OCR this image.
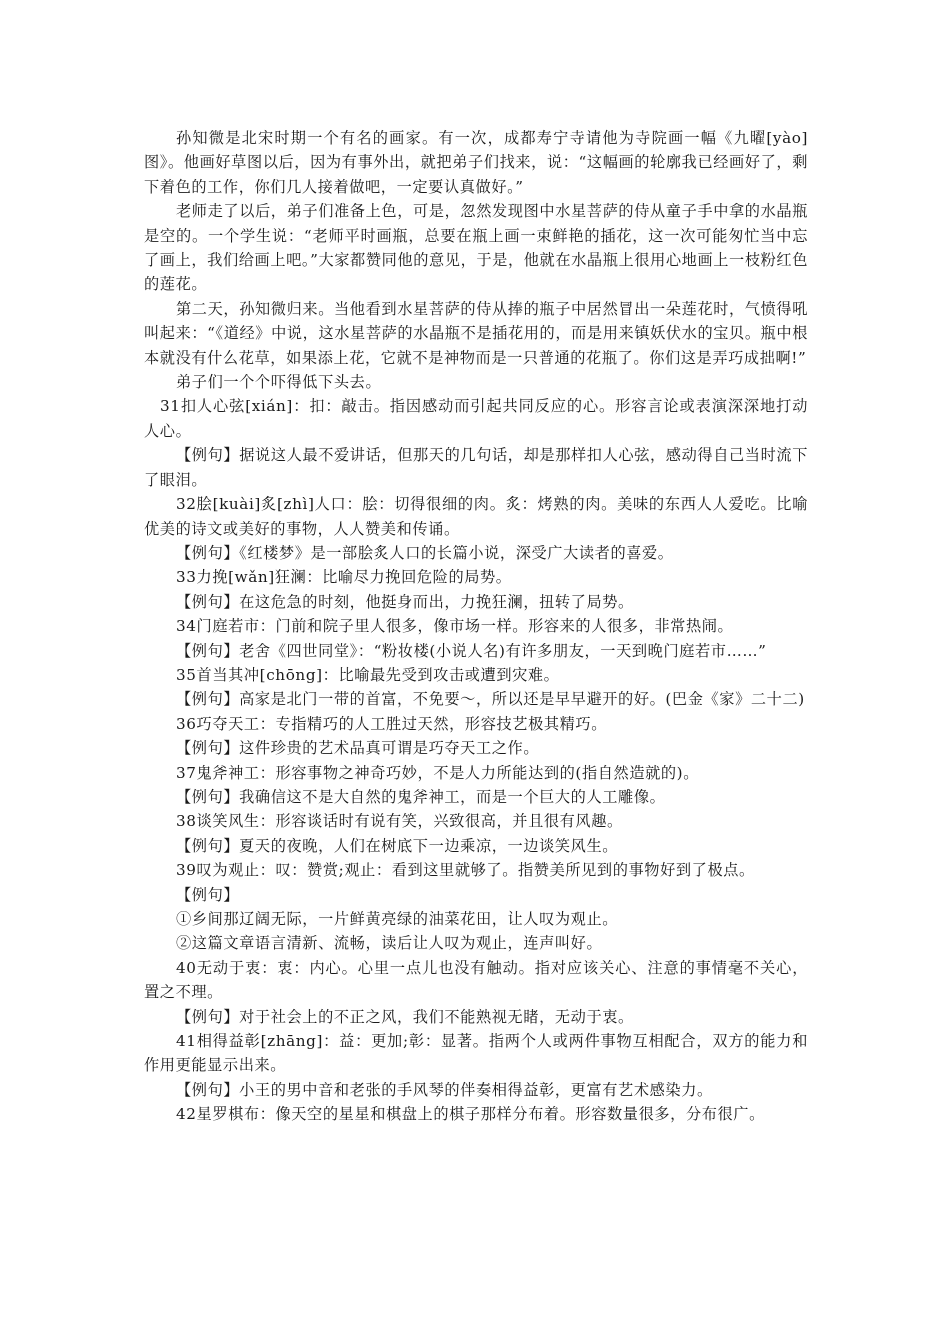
孙知微是北宋时期一个有名的画家。有一次，成都寿宁寺请他为寺院画一幅《九曜[yào]图》。他画好草图以后，因为有事外出，就把弟子们找来，说：“这幅画的轮廓我已经画好了，剩下着色的工作，你们几人接着做吧，一定要认真做好。”

老师走了以后，弟子们准备上色，可是，忽然发现图中水星菩萨的侍从童子手中拿的水晶瓶是空的。一个学生说：“老师平时画瓶，总要在瓶上画一束鲜艳的插花，这一次可能匆忙当中忘了画上，我们给画上吧。”大家都赞同他的意见，于是，他就在水晶瓶上很用心地画上一枝粉红色的莲花。

第二天，孙知微归来。当他看到水星菩萨的侍从捧的瓶子中居然冒出一朵莲花时，气愤得吼叫起来：“《道经》中说，这水星菩萨的水晶瓶不是插花用的，而是用来镇妖伏水的宝贝。瓶中根本就没有什么花草，如果添上花，它就不是神物而是一只普通的花瓶了。你们这是弄巧成拙啊!”

弟子们一个个吓得低下头去。

31扣人心弦[xián]：扣：敲击。指因感动而引起共同反应的心。形容言论或表演深深地打动人心。

【例句】据说这人最不爱讲话，但那天的几句话，却是那样扣人心弦，感动得自己当时流下了眼泪。

32脍[kuài]炙[zhì]人口：脍：切得很细的肉。炙：烤熟的肉。美味的东西人人爱吃。比喻优美的诗文或美好的事物，人人赞美和传诵。

【例句】《红楼梦》是一部脍炙人口的长篇小说，深受广大读者的喜爱。

33力挽[wǎn]狂澜：比喻尽力挽回危险的局势。

【例句】在这危急的时刻，他挺身而出，力挽狂澜，扭转了局势。

34门庭若市：门前和院子里人很多，像市场一样。形容来的人很多，非常热闹。

【例句】老舍《四世同堂》：“粉妆楼(小说人名)有许多朋友，一天到晚门庭若市……”

35首当其冲[chōng]：比喻最先受到攻击或遭到灾难。

【例句】高家是北门一带的首富，不免要～，所以还是早早避开的好。(巴金《家》二十二)

36巧夺天工：专指精巧的人工胜过天然，形容技艺极其精巧。

【例句】这件珍贵的艺术品真可谓是巧夺天工之作。

37鬼斧神工：形容事物之神奇巧妙，不是人力所能达到的(指自然造就的)。

【例句】我确信这不是大自然的鬼斧神工，而是一个巨大的人工雕像。

38谈笑风生：形容谈话时有说有笑，兴致很高，并且很有风趣。

【例句】夏天的夜晚，人们在树底下一边乘凉，一边谈笑风生。

39叹为观止：叹：赞赏;观止：看到这里就够了。指赞美所见到的事物好到了极点。

【例句】

①乡间那辽阔无际，一片鲜黄亮绿的油菜花田，让人叹为观止。

②这篇文章语言清新、流畅，读后让人叹为观止，连声叫好。

40无动于衷：衷：内心。心里一点儿也没有触动。指对应该关心、注意的事情毫不关心，置之不理。

【例句】对于社会上的不正之风，我们不能熟视无睹，无动于衷。

41相得益彰[zhāng]：益：更加;彰：显著。指两个人或两件事物互相配合，双方的能力和作用更能显示出来。

【例句】小王的男中音和老张的手风琴的伴奏相得益彰，更富有艺术感染力。

42星罗棋布：像天空的星星和棋盘上的棋子那样分布着。形容数量很多，分布很广。
